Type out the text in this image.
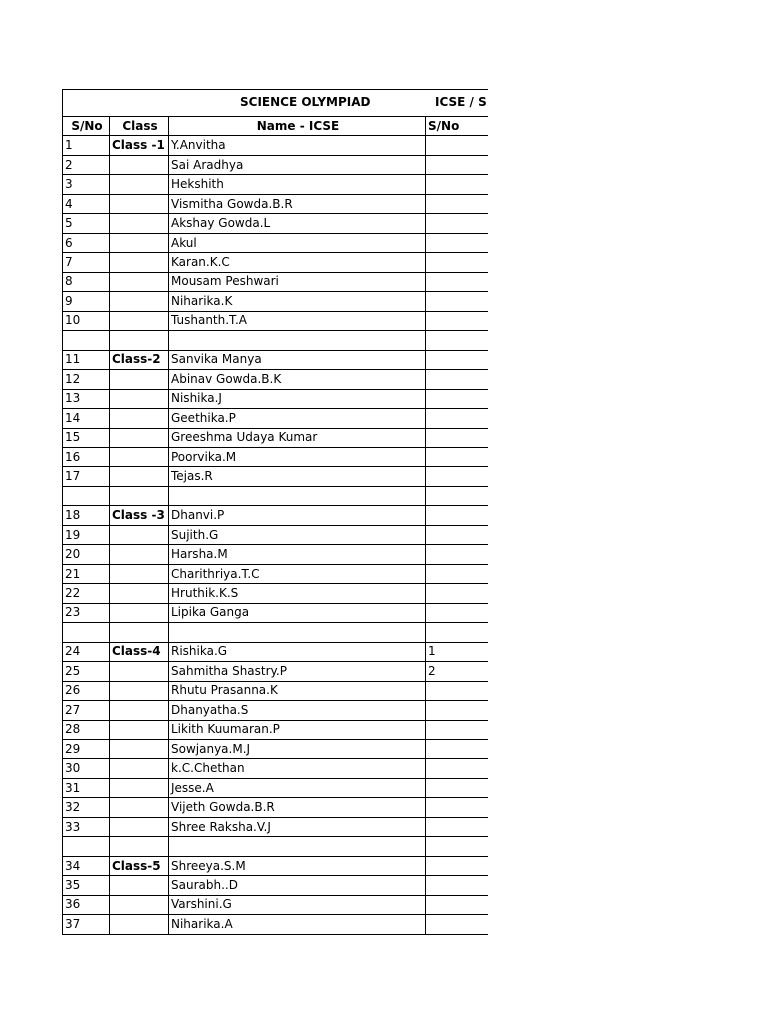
SCIENCE OLYMPIAD ICSE / S			

S/No	Class	Name - ICSE	S/No
1	Class -1	Y.Anvitha	
2		Sai Aradhya	
3		Hekshith	
4		Vismitha Gowda.B.R	
5		Akshay Gowda.L	
6		Akul	
7		Karan.K.C	
8		Mousam Peshwari	
9		Niharika.K	
10		Tushanth.T.A	

11	Class-2	Sanvika Manya	
12		Abinav Gowda.B.K	
13		Nishika.J	
14		Geethika.P	
15		Greeshma Udaya Kumar	
16		Poorvika.M	
17		Tejas.R	

18	Class -3	Dhanvi.P	
19		Sujith.G	
20		Harsha.M	
21		Charithriya.T.C	
22		Hruthik.K.S	
23		Lipika Ganga	

24	Class-4	Rishika.G	1
25		Sahmitha Shastry.P	2
26		Rhutu Prasanna.K	
27		Dhanyatha.S	
28		Likith Kuumaran.P	
29		Sowjanya.M.J	
30		k.C.Chethan	
31		Jesse.A	
32		Vijeth Gowda.B.R	
33		Shree Raksha.V.J	

34	Class-5	Shreeya.S.M	
35		Saurabh..D	
36		Varshini.G	
37		Niharika.A	
